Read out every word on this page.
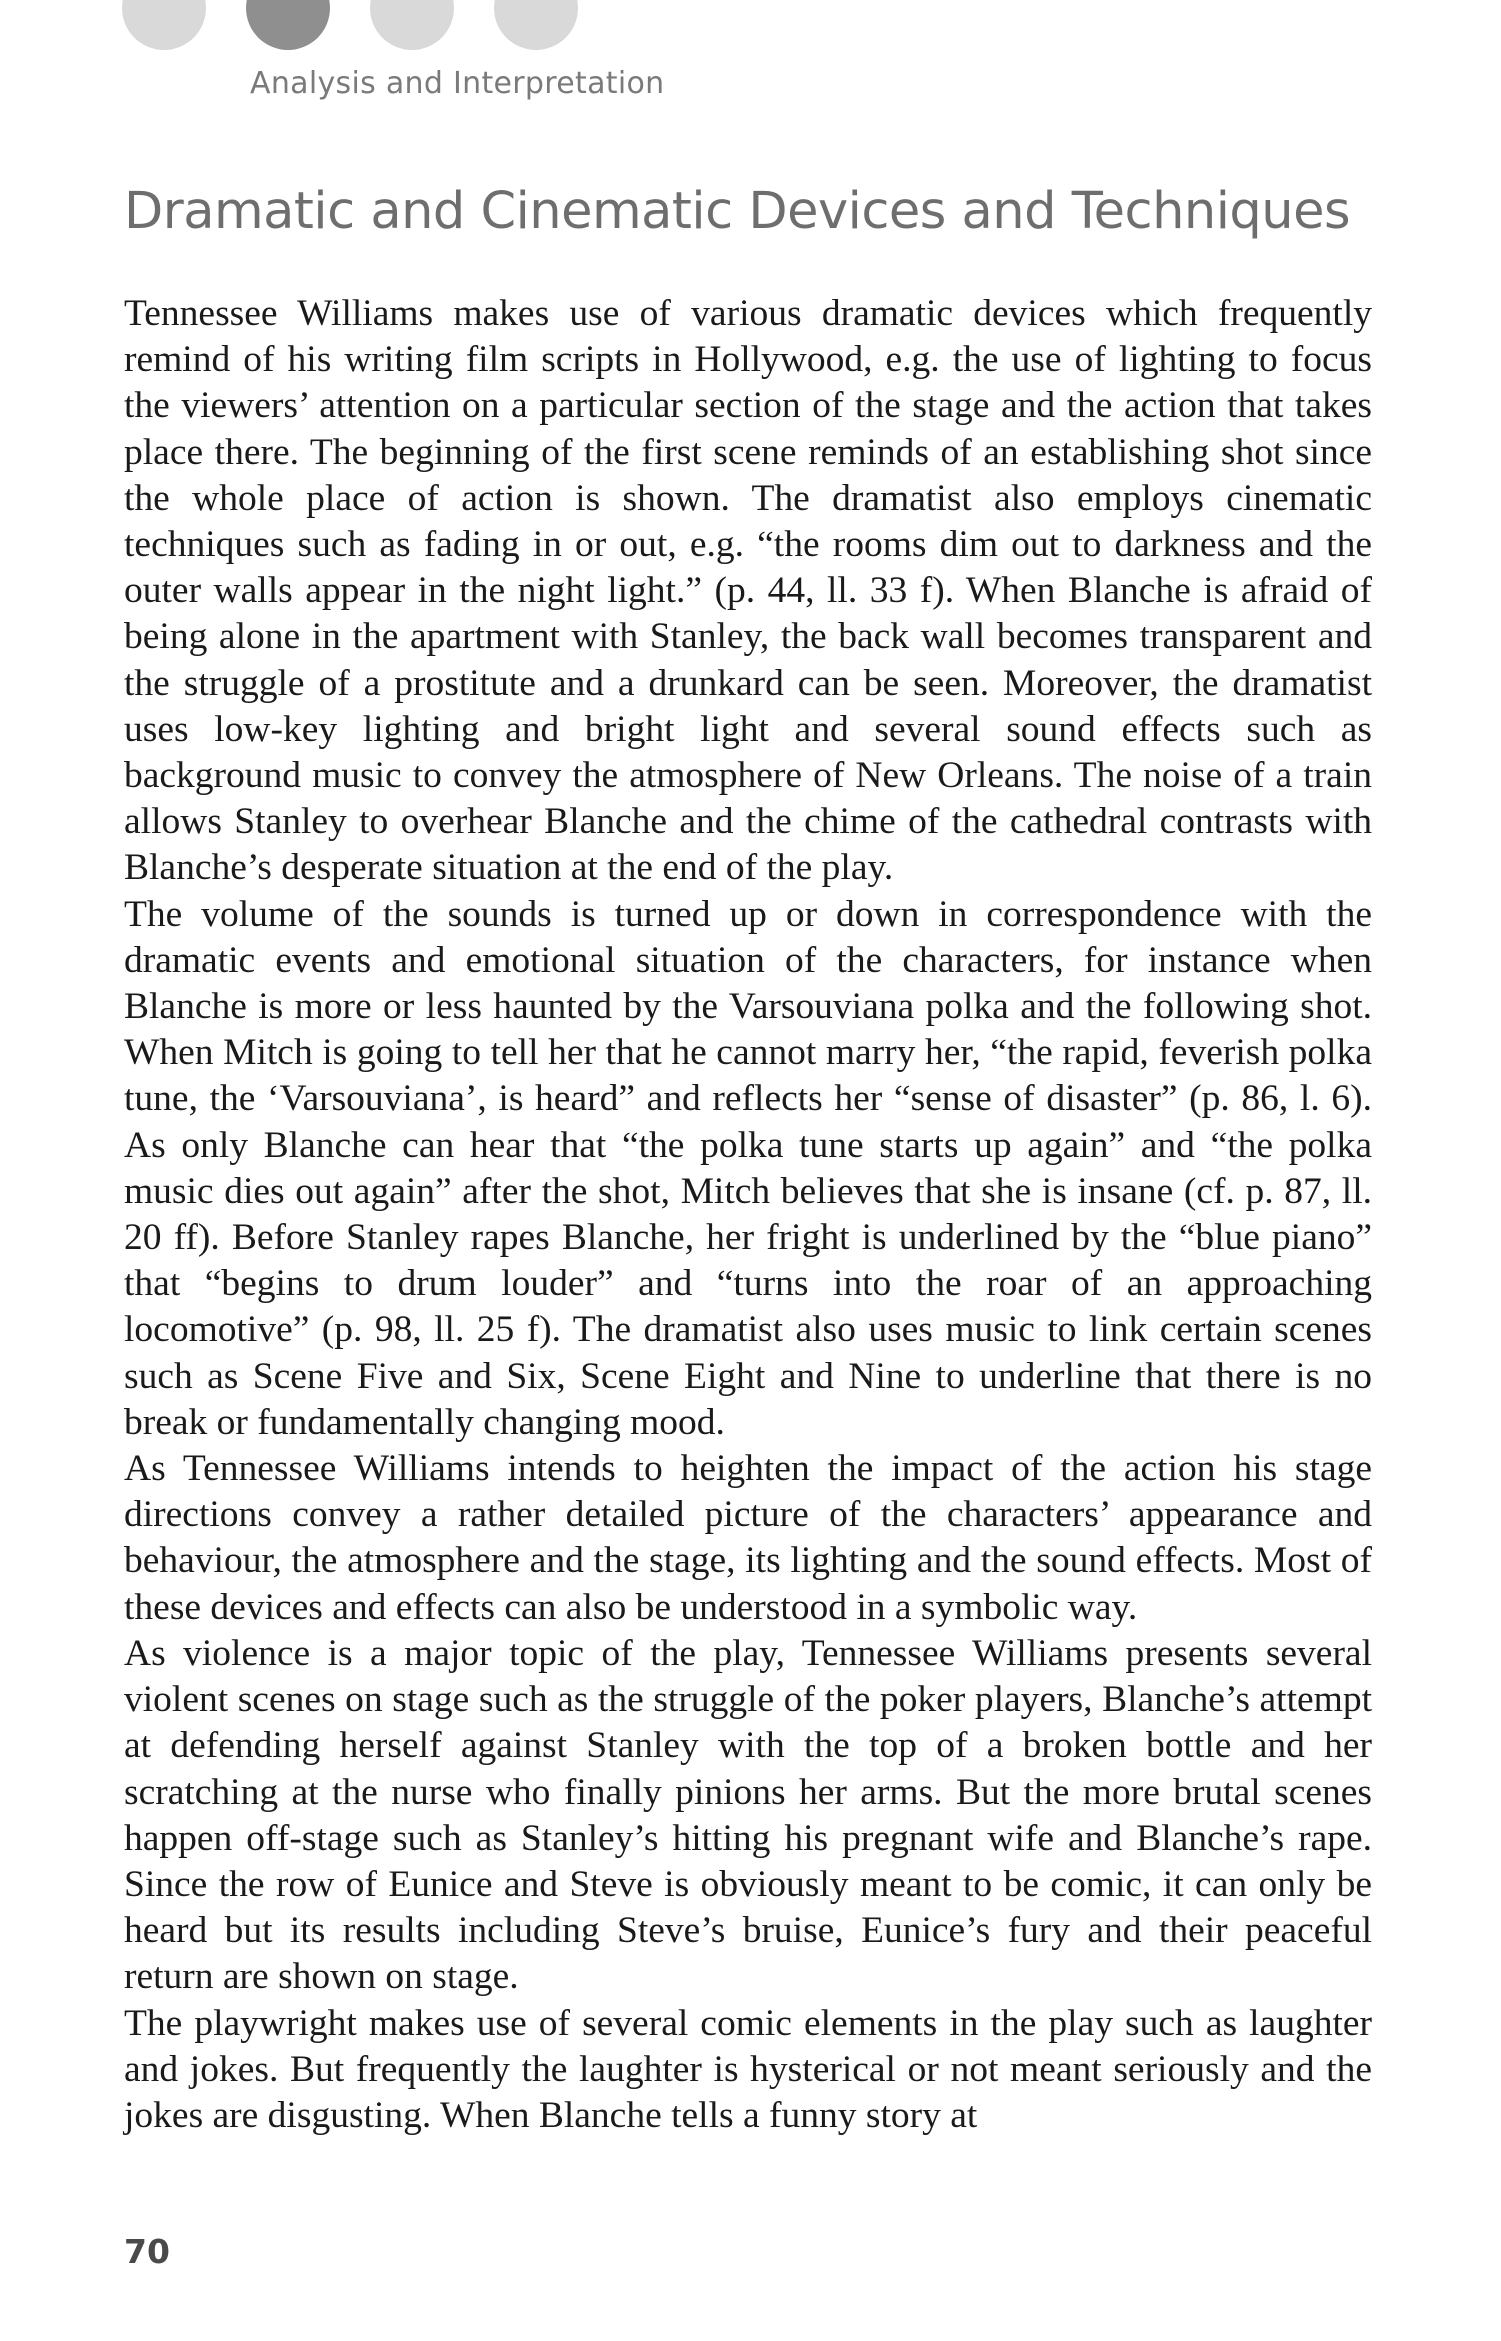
Analysis and Interpretation
Dramatic and Cinematic Devices and Techniques

Tennessee Williams makes use of various dramatic devices which frequently remind of his writing film scripts in Hollywood, e.g. the use of lighting to focus the viewers’ attention on a particular section of the stage and the action that takes place there. The beginning of the first scene reminds of an establishing shot since the whole place of action is shown. The dramatist also employs cinematic techniques such as fading in or out, e.g. “the rooms dim out to darkness and the outer walls appear in the night light.” (p. 44, ll. 33 f). When Blanche is afraid of being alone in the apartment with Stanley, the back wall becomes transparent and the struggle of a prostitute and a drunkard can be seen. Moreover, the dramatist uses low-key lighting and bright light and several sound effects such as background music to convey the atmosphere of New Orleans. The noise of a train allows Stanley to overhear Blanche and the chime of the cathedral contrasts with Blanche’s desperate situation at the end of the play.

The volume of the sounds is turned up or down in correspondence with the dramatic events and emotional situation of the characters, for instance when Blanche is more or less haunted by the Varsouviana polka and the following shot. When Mitch is going to tell her that he cannot marry her, “the rapid, feverish polka tune, the ‘Varsouviana’, is heard” and reflects her “sense of disaster” (p. 86, l. 6). As only Blanche can hear that “the polka tune starts up again” and “the polka music dies out again” after the shot, Mitch believes that she is insane (cf. p. 87, ll. 20 ff). Before Stanley rapes Blanche, her fright is underlined by the “blue piano” that “begins to drum louder” and “turns into the roar of an approaching locomotive” (p. 98, ll. 25 f). The dramatist also uses music to link certain scenes such as Scene Five and Six, Scene Eight and Nine to underline that there is no break or fundamentally changing mood.

As Tennessee Williams intends to heighten the impact of the action his stage directions convey a rather detailed picture of the characters’ appearance and behaviour, the atmosphere and the stage, its lighting and the sound effects. Most of these devices and effects can also be understood in a symbolic way.

As violence is a major topic of the play, Tennessee Williams presents several violent scenes on stage such as the struggle of the poker players, Blanche’s attempt at defending herself against Stanley with the top of a broken bottle and her scratching at the nurse who finally pinions her arms. But the more brutal scenes happen off-stage such as Stanley’s hitting his pregnant wife and Blanche’s rape. Since the row of Eunice and Steve is obviously meant to be comic, it can only be heard but its results including Steve’s bruise, Eunice’s fury and their peaceful return are shown on stage.

The playwright makes use of several comic elements in the play such as laughter and jokes. But frequently the laughter is hysterical or not meant seriously and the jokes are disgusting. When Blanche tells a funny story at

70
